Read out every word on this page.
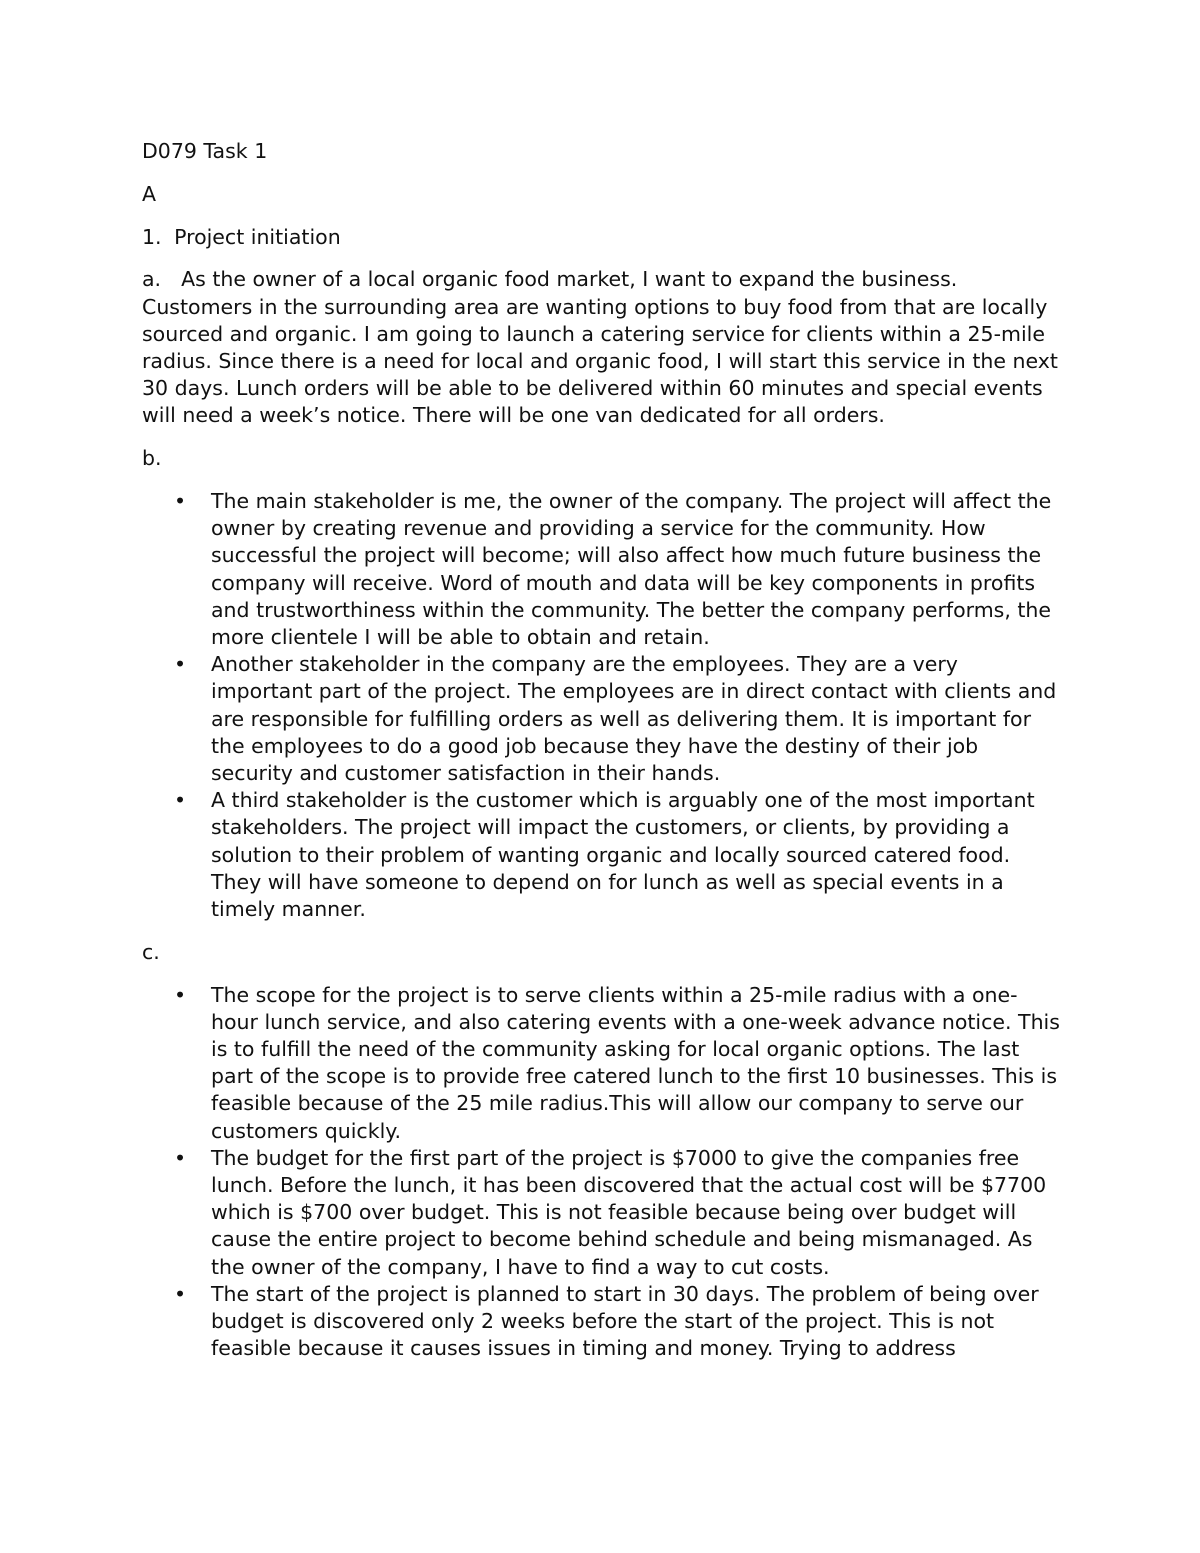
D079 Task 1
A
1. Project initiation
a. As the owner of a local organic food market, I want to expand the business. Customers in the surrounding area are wanting options to buy food from that are locally sourced and organic. I am going to launch a catering service for clients within a 25-mile radius. Since there is a need for local and organic food, I will start this service in the next 30 days. Lunch orders will be able to be delivered within 60 minutes and special events will need a week’s notice. There will be one van dedicated for all orders.
b.
• The main stakeholder is me, the owner of the company. The project will affect the owner by creating revenue and providing a service for the community. How successful the project will become; will also affect how much future business the company will receive. Word of mouth and data will be key components in profits and trustworthiness within the community. The better the company performs, the more clientele I will be able to obtain and retain.
• Another stakeholder in the company are the employees. They are a very important part of the project. The employees are in direct contact with clients and are responsible for fulfilling orders as well as delivering them. It is important for the employees to do a good job because they have the destiny of their job security and customer satisfaction in their hands.
• A third stakeholder is the customer which is arguably one of the most important stakeholders. The project will impact the customers, or clients, by providing a solution to their problem of wanting organic and locally sourced catered food. They will have someone to depend on for lunch as well as special events in a timely manner.
c.
• The scope for the project is to serve clients within a 25-mile radius with a one-hour lunch service, and also catering events with a one-week advance notice. This is to fulfill the need of the community asking for local organic options. The last part of the scope is to provide free catered lunch to the first 10 businesses. This is feasible because of the 25 mile radius.This will allow our company to serve our customers quickly.
• The budget for the first part of the project is $7000 to give the companies free lunch. Before the lunch, it has been discovered that the actual cost will be $7700 which is $700 over budget. This is not feasible because being over budget will cause the entire project to become behind schedule and being mismanaged. As the owner of the company, I have to find a way to cut costs.
• The start of the project is planned to start in 30 days. The problem of being over budget is discovered only 2 weeks before the start of the project. This is not feasible because it causes issues in timing and money. Trying to address
